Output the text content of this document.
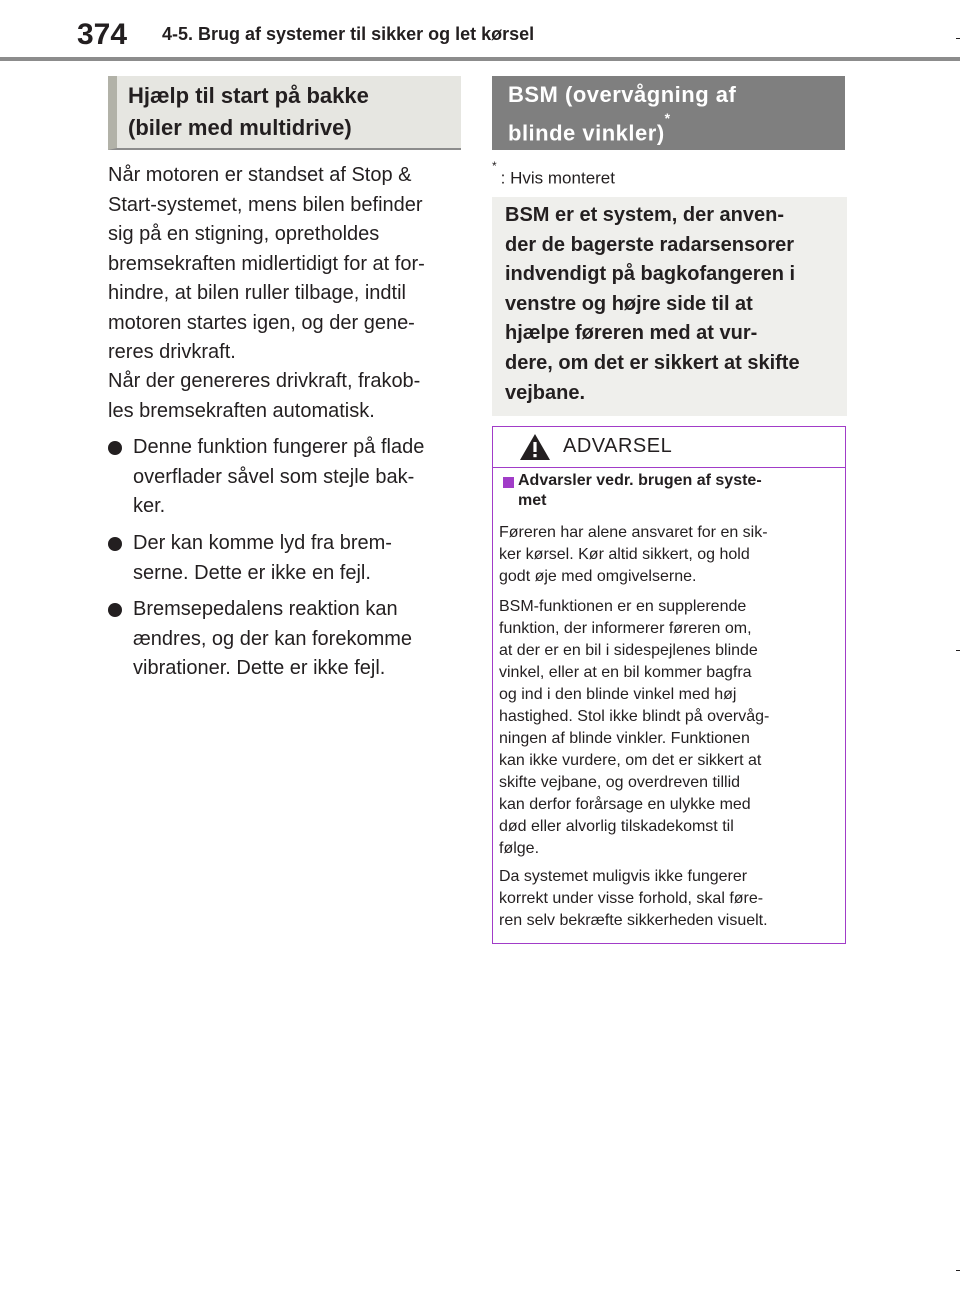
374 4-5. Brug af systemer til sikker og let kørsel
Hjælp til start på bakke
(biler med multidrive)
Når motoren er standset af Stop &
Start-systemet, mens bilen befinder
sig på en stigning, opretholdes
bremsekraften midlertidigt for at for-
hindre, at bilen ruller tilbage, indtil
motoren startes igen, og der gene-
reres drivkraft.
Når der genereres drivkraft, frakob-
les bremsekraften automatisk.
Denne funktion fungerer på flade
overflader såvel som stejle bak-
ker.
Der kan komme lyd fra brem-
serne. Dette er ikke en fejl.
Bremsepedalens reaktion kan
ændres, og der kan forekomme
vibrationer. Dette er ikke fejl.
BSM (overvågning af
blinde vinkler)*
*: Hvis monteret
BSM er et system, der anven-
der de bagerste radarsensorer
indvendigt på bagkofangeren i
venstre og højre side til at
hjælpe føreren med at vur-
dere, om det er sikkert at skifte
vejbane.
ADVARSEL
Advarsler vedr. brugen af syste-
met
Føreren har alene ansvaret for en sik-
ker kørsel. Kør altid sikkert, og hold
godt øje med omgivelserne.
BSM-funktionen er en supplerende
funktion, der informerer føreren om,
at der er en bil i sidespejlenes blinde
vinkel, eller at en bil kommer bagfra
og ind i den blinde vinkel med høj
hastighed. Stol ikke blindt på overvåg-
ningen af blinde vinkler. Funktionen
kan ikke vurdere, om det er sikkert at
skifte vejbane, og overdreven tillid
kan derfor forårsage en ulykke med
død eller alvorlig tilskadekomst til
følge.
Da systemet muligvis ikke fungerer
korrekt under visse forhold, skal føre-
ren selv bekræfte sikkerheden visuelt.
